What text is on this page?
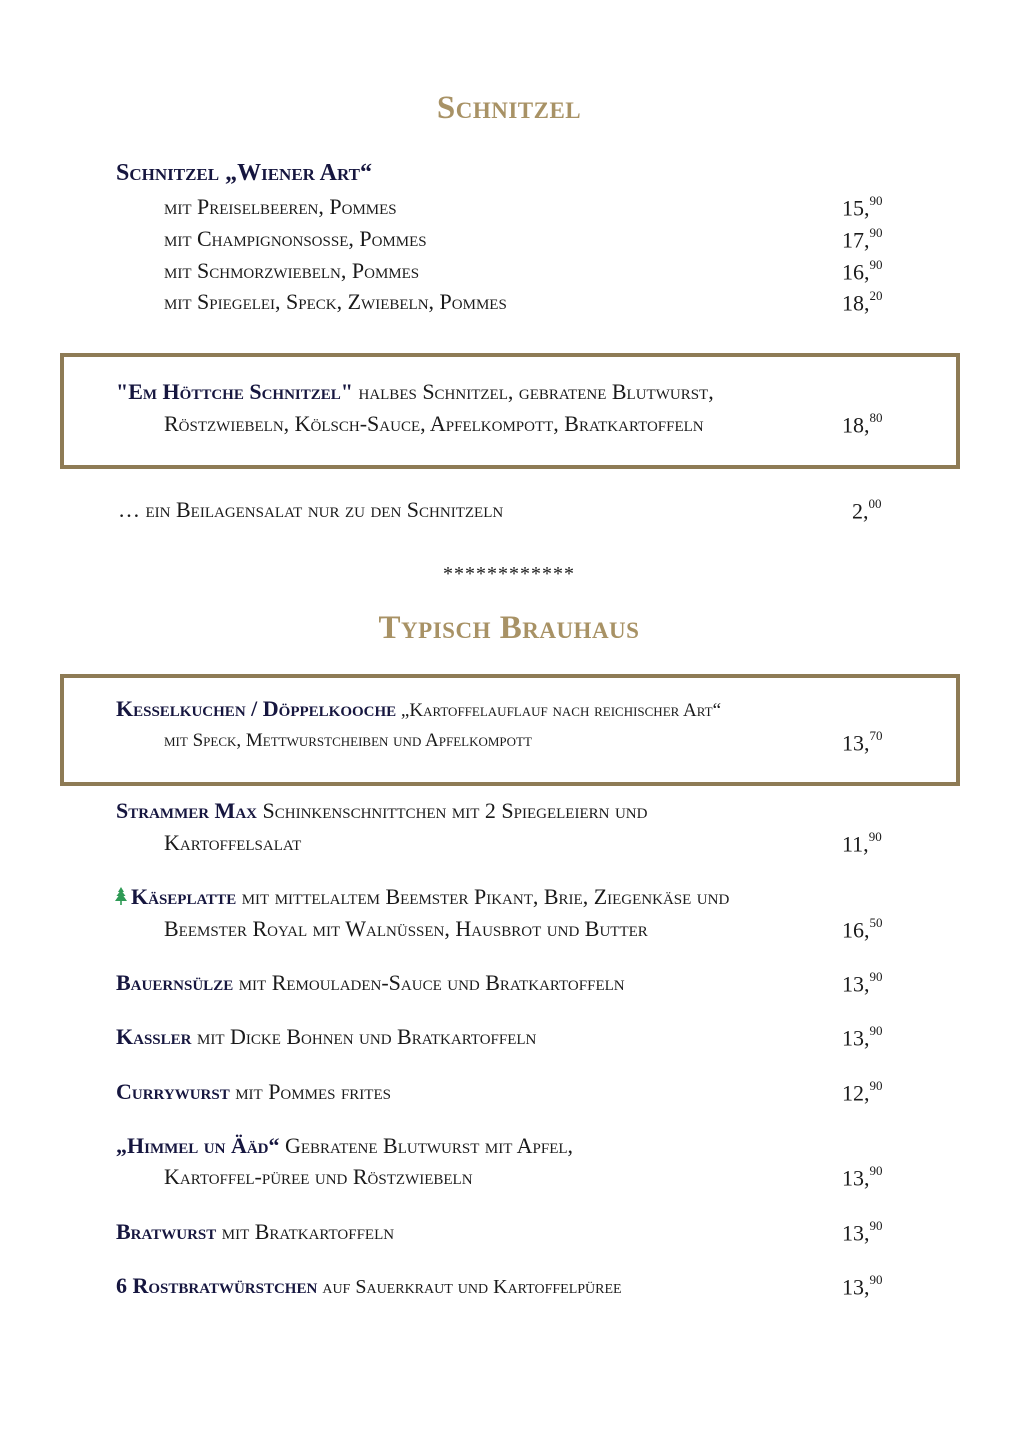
Schnitzel
Schnitzel „Wiener Art“
mit Preiselbeeren, Pommes	15,90
mit Champignonsoße, Pommes	17,90
mit Schmorzwiebeln, Pommes	16,90
mit Spiegelei, Speck, Zwiebeln, Pommes	18,20
"Em Höttche Schnitzel" halbes Schnitzel, gebratene Blutwurst,
Röstzwiebeln, Kölsch-Sauce, Apfelkompott, Bratkartoffeln	18,80
… ein Beilagensalat nur zu den Schnitzeln	2,00
************
Typisch Brauhaus
Kesselkuchen / Döppelkooche „Kartoffelauflauf nach reichischer Art“
mit Speck, Mettwurstcheiben und Apfelkompott	13,70
Strammer Max Schinkenschnittchen mit 2 Spiegeleiern und
Kartoffelsalat	11,90
Käseplatte mit mittelaltem Beemster Pikant, Brie, Ziegenkäse und
Beemster Royal mit Walnüssen, Hausbrot und Butter	16,50
Bauernsülze mit Remouladen-Sauce und Bratkartoffeln	13,90
Kassler mit Dicke Bohnen und Bratkartoffeln	13,90
Currywurst mit Pommes frites	12,90
„Himmel un Ääd“ Gebratene Blutwurst mit Apfel,
Kartoffel-püree und Röstzwiebeln	13,90
Bratwurst mit Bratkartoffeln	13,90
6 Rostbratwürstchen auf Sauerkraut und Kartoffelpüree	13,90
